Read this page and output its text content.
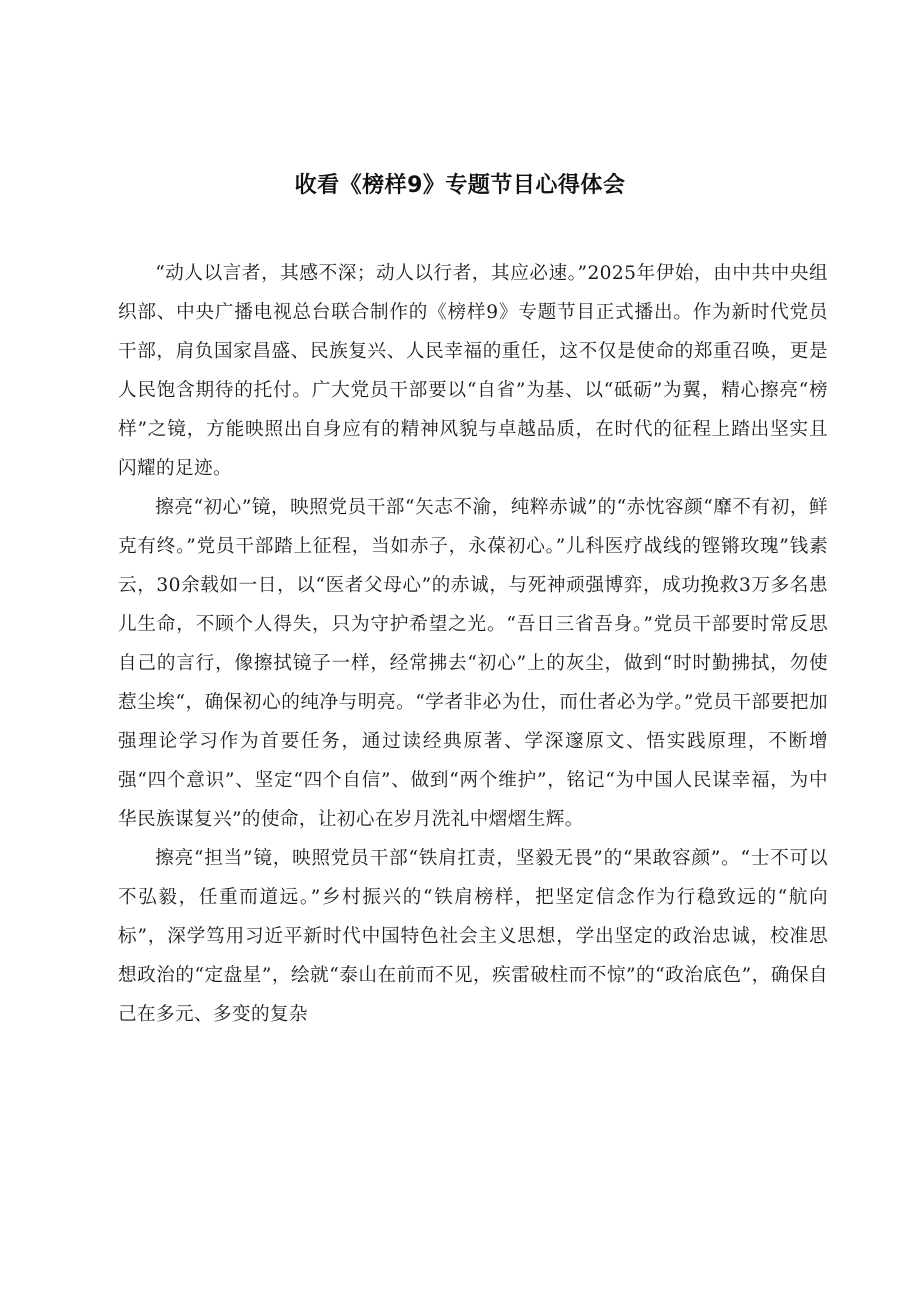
收看《榜样9》专题节目心得体会

“动人以言者，其感不深；动人以行者，其应必速。”2025年伊始，由中共中央组织部、中央广播电视总台联合制作的《榜样9》专题节目正式播出。作为新时代党员干部，肩负国家昌盛、民族复兴、人民幸福的重任，这不仅是使命的郑重召唤，更是人民饱含期待的托付。广大党员干部要以“自省”为基、以“砥砺”为翼，精心擦亮“榜样”之镜，方能映照出自身应有的精神风貌与卓越品质，在时代的征程上踏出坚实且闪耀的足迹。

擦亮“初心”镜，映照党员干部“矢志不渝，纯粹赤诚”的“赤忱容颜“靡不有初，鲜克有终。”党员干部踏上征程，当如赤子，永葆初心。”儿科医疗战线的铿锵玫瑰”钱素云，30余载如一日，以“医者父母心”的赤诚，与死神顽强博弈，成功挽救3万多名患儿生命，不顾个人得失，只为守护希望之光。“吾日三省吾身。”党员干部要时常反思自己的言行，像擦拭镜子一样，经常拂去“初心”上的灰尘，做到“时时勤拂拭，勿使惹尘埃“，确保初心的纯净与明亮。“学者非必为仕，而仕者必为学。”党员干部要把加强理论学习作为首要任务，通过读经典原著、学深邃原文、悟实践原理，不断增强“四个意识”、坚定“四个自信”、做到“两个维护”，铭记“为中国人民谋幸福，为中华民族谋复兴”的使命，让初心在岁月洗礼中熠熠生辉。

擦亮“担当”镜，映照党员干部“铁肩扛责，坚毅无畏”的“果敢容颜”。“士不可以不弘毅，任重而道远。”乡村振兴的“铁肩榜样，把坚定信念作为行稳致远的“航向标”，深学笃用习近平新时代中国特色社会主义思想，学出坚定的政治忠诚，校准思想政治的“定盘星”，绘就“泰山在前而不见，疾雷破柱而不惊”的“政治底色”，确保自己在多元、多变的复杂
